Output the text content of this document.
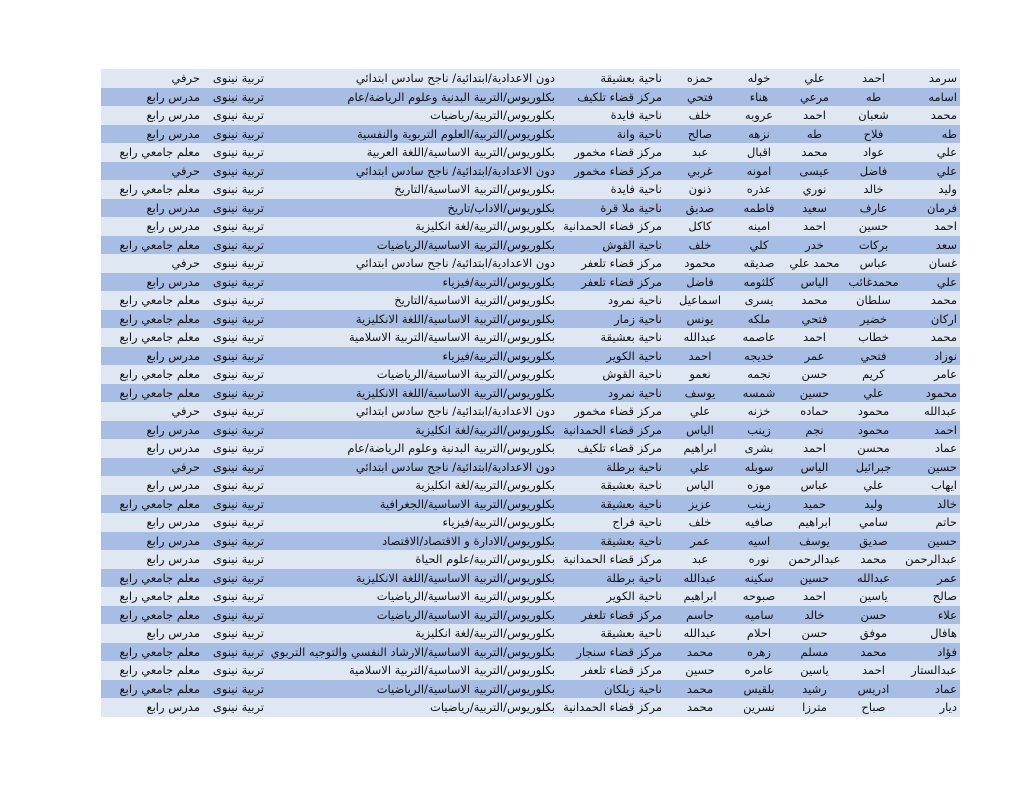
سرمد
احمد
علي
خوله
حمزه
ناحية بعشيقة
دون الاعدادية/ابتدائية/ ناجح سادس ابتدائي
تربية نينوى
حرفي
اسامه
طه
مرعي
هناء
فتحي
مركز قضاء تلكيف
بكلوريوس/التربية البدنية وعلوم الرياضة/عام
تربية نينوى
مدرس رابع
محمد
شعبان
احمد
عروبه
خلف
ناحية فايدة
بكلوريوس/التربية/رياضيات
تربية نينوى
مدرس رابع
طه
فلاح
طه
نزهه
صالح
ناحية وانة
بكلوريوس/التربية/العلوم التربوية والنفسية
تربية نينوى
مدرس رابع
علي
عواد
محمد
اقبال
عبد
مركز قضاء مخمور
بكلوريوس/التربية الاساسية/اللغة العربية
تربية نينوى
معلم جامعي رابع
علي
فاضل
عيسى
امونه
غربي
مركز قضاء مخمور
دون الاعدادية/ابتدائية/ ناجح سادس ابتدائي
تربية نينوى
حرفي
وليد
خالد
نوري
عذره
ذنون
ناحية فايدة
بكلوريوس/التربية الاساسية/التاريخ
تربية نينوى
معلم جامعي رابع
فرمان
عارف
سعيد
فاطمه
صديق
ناحية ملا قرة
بكلوريوس/الاداب/تاريخ
تربية نينوى
مدرس رابع
احمد
حسين
احمد
امينه
كاكل
مركز قضاء الحمدانية
بكلوريوس/التربية/لغة انكليزية
تربية نينوى
مدرس رابع
سعد
بركات
خدر
كلي
خلف
ناحية القوش
بكلوريوس/التربية الاساسية/الرياضيات
تربية نينوى
معلم جامعي رابع
غسان
عباس
محمد علي
صديقه
محمود
مركز قضاء تلعفر
دون الاعدادية/ابتدائية/ ناجح سادس ابتدائي
تربية نينوى
حرفي
علي
محمدغائب
الياس
كلثومه
فاضل
مركز قضاء تلعفر
بكلوريوس/التربية/فيزياء
تربية نينوى
مدرس رابع
محمد
سلطان
محمد
يسرى
اسماعيل
ناحية نمرود
بكلوريوس/التربية الاساسية/التاريخ
تربية نينوى
معلم جامعي رابع
اركان
خضير
فتحي
ملكه
يونس
ناحية زمار
بكلوريوس/التربية الاساسية/اللغة الانكليزية
تربية نينوى
معلم جامعي رابع
محمد
خطاب
احمد
عاصمه
عبدالله
ناحية بعشيقة
بكلوريوس/التربية الاساسية/التربية الاسلامية
تربية نينوى
معلم جامعي رابع
نوزاد
فتحي
عمر
خديجه
احمد
ناحية الكوير
بكلوريوس/التربية/فيزياء
تربية نينوى
مدرس رابع
عامر
كريم
حسن
نجمه
نعمو
ناحية القوش
بكلوريوس/التربية الاساسية/الرياضيات
تربية نينوى
معلم جامعي رابع
محمود
علي
حسين
شمسه
يوسف
ناحية نمرود
بكلوريوس/التربية الاساسية/اللغة الانكليزية
تربية نينوى
معلم جامعي رابع
عبدالله
محمود
حماده
خزنه
علي
مركز قضاء مخمور
دون الاعدادية/ابتدائية/ ناجح سادس ابتدائي
تربية نينوى
حرفي
احمد
محمود
نجم
زينب
الياس
مركز قضاء الحمدانية
بكلوريوس/التربية/لغة انكليزية
تربية نينوى
مدرس رابع
عماد
محسن
احمد
بشرى
ابراهيم
مركز قضاء تلكيف
بكلوريوس/التربية البدنية وعلوم الرياضة/عام
تربية نينوى
مدرس رابع
حسين
جبرائيل
الياس
سوبله
علي
ناحية برطلة
دون الاعدادية/ابتدائية/ ناجح سادس ابتدائي
تربية نينوى
حرفي
ايهاب
علي
عباس
موزه
الياس
ناحية بعشيقة
بكلوريوس/التربية/لغة انكليزية
تربية نينوى
مدرس رابع
خالد
وليد
حميد
زينب
عزيز
ناحية بعشيقة
بكلوريوس/التربية الاساسية/الجغرافية
تربية نينوى
معلم جامعي رابع
حاتم
سامي
ابراهيم
صافيه
خلف
ناحية فراج
بكلوريوس/التربية/فيزياء
تربية نينوى
مدرس رابع
حسين
صديق
يوسف
اسيه
عمر
ناحية بعشيقة
بكلوريوس/الادارة و الاقتصاد/الاقتصاد
تربية نينوى
مدرس رابع
عبدالرحمن
محمد
عبدالرحمن
نوره
عبد
مركز قضاء الحمدانية
بكلوريوس/التربية/علوم الحياة
تربية نينوى
مدرس رابع
عمر
عبدالله
حسين
سكينه
عبدالله
ناحية برطلة
بكلوريوس/التربية الاساسية/اللغة الانكليزية
تربية نينوى
معلم جامعي رابع
صالح
ياسين
احمد
صبوحه
ابراهيم
ناحية الكوير
بكلوريوس/التربية الاساسية/الرياضيات
تربية نينوى
معلم جامعي رابع
علاء
حسن
خالد
ساميه
جاسم
مركز قضاء تلعفر
بكلوريوس/التربية الاساسية/الرياضيات
تربية نينوى
معلم جامعي رابع
هافال
موفق
حسن
احلام
عبدالله
ناحية بعشيقة
بكلوريوس/التربية/لغة انكليزية
تربية نينوى
مدرس رابع
فؤاد
محمد
مسلم
زهره
محمد
مركز قضاء سنجار
بكلوريوس/التربية الاساسية/الارشاد النفسي والتوجيه التربوي
تربية نينوى
معلم جامعي رابع
عبدالستار
احمد
ياسين
عامره
حسين
مركز قضاء تلعفر
بكلوريوس/التربية الاساسية/التربية الاسلامية
تربية نينوى
معلم جامعي رابع
عماد
ادريس
رشيد
بلقيس
محمد
ناحية زيلكان
بكلوريوس/التربية الاساسية/الرياضيات
تربية نينوى
معلم جامعي رابع
ديار
صباح
مترزا
نسرين
محمد
مركز قضاء الحمدانية
بكلوريوس/التربية/رياضيات
تربية نينوى
مدرس رابع
